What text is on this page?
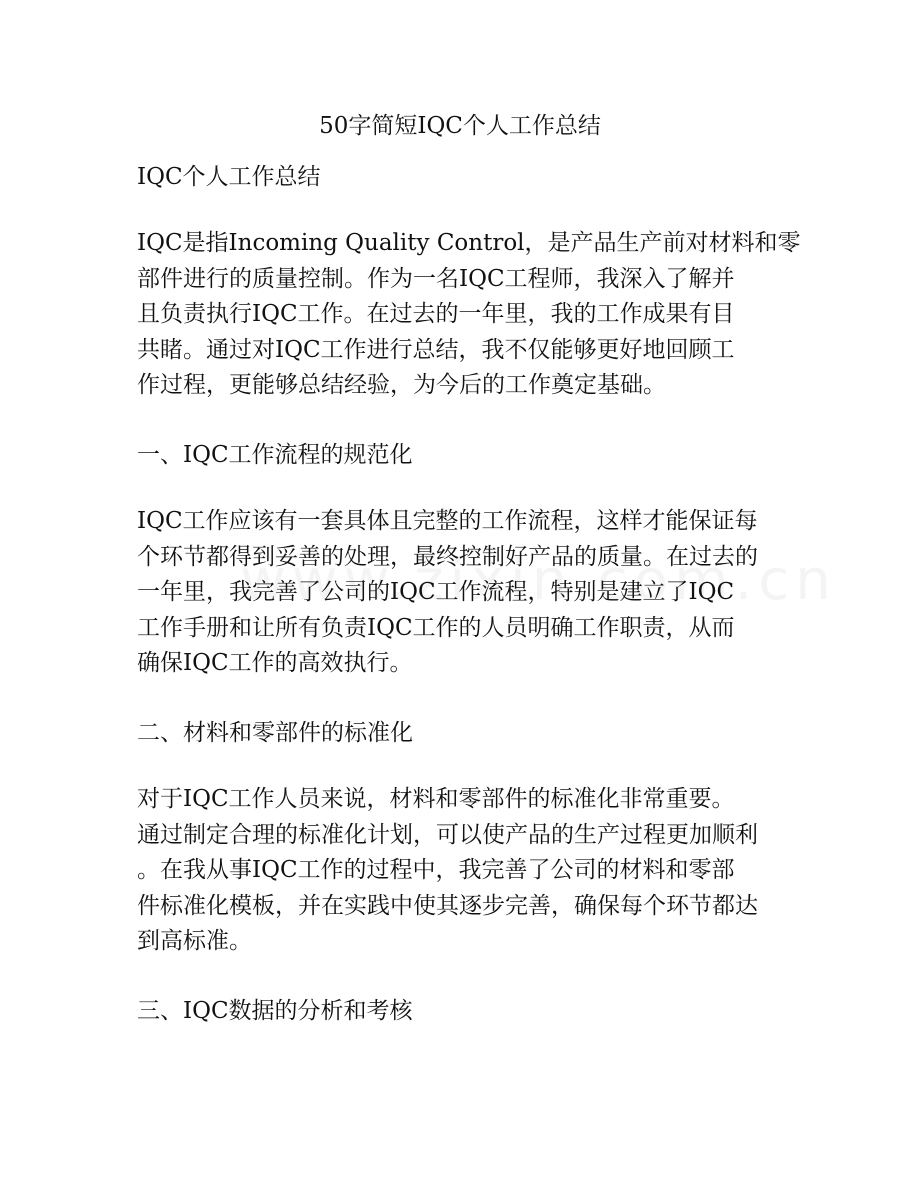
50字简短IQC个人工作总结
IQC个人工作总结
IQC是指Incoming Quality Control，是产品生产前对材料和零
部件进行的质量控制。作为一名IQC工程师，我深入了解并
且负责执行IQC工作。在过去的一年里，我的工作成果有目
共睹。通过对IQC工作进行总结，我不仅能够更好地回顾工
作过程，更能够总结经验，为今后的工作奠定基础。
一、IQC工作流程的规范化
IQC工作应该有一套具体且完整的工作流程，这样才能保证每
个环节都得到妥善的处理，最终控制好产品的质量。在过去的
一年里，我完善了公司的IQC工作流程，特别是建立了IQC
工作手册和让所有负责IQC工作的人员明确工作职责，从而
确保IQC工作的高效执行。
二、材料和零部件的标准化
对于IQC工作人员来说，材料和零部件的标准化非常重要。
通过制定合理的标准化计划，可以使产品的生产过程更加顺利
。在我从事IQC工作的过程中，我完善了公司的材料和零部
件标准化模板，并在实践中使其逐步完善，确保每个环节都达
到高标准。
三、IQC数据的分析和考核
